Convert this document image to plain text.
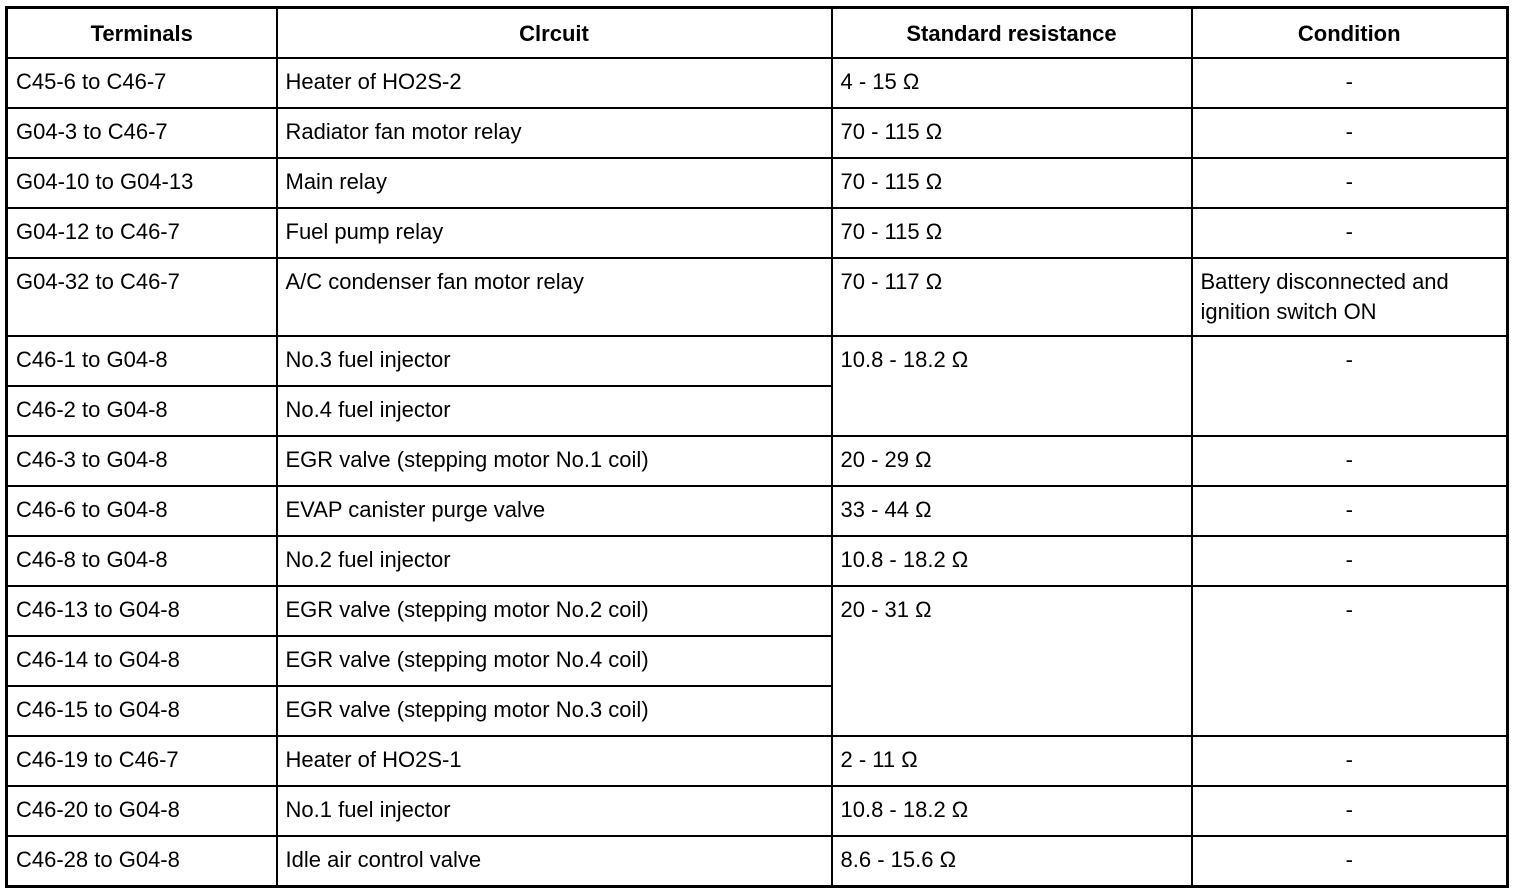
Terminals	Clrcuit	Standard resistance	Condition
C45-6 to C46-7	Heater of HO2S-2	4 - 15 Ω	-
G04-3 to C46-7	Radiator fan motor relay	70 - 115 Ω	-
G04-10 to G04-13	Main relay	70 - 115 Ω	-
G04-12 to C46-7	Fuel pump relay	70 - 115 Ω	-
G04-32 to C46-7	A/C condenser fan motor relay	70 - 117 Ω	Battery disconnected and ignition switch ON
C46-1 to G04-8	No.3 fuel injector	10.8 - 18.2 Ω	-
C46-2 to G04-8	No.4 fuel injector		
C46-3 to G04-8	EGR valve (stepping motor No.1 coil)	20 - 29 Ω	-
C46-6 to G04-8	EVAP canister purge valve	33 - 44 Ω	-
C46-8 to G04-8	No.2 fuel injector	10.8 - 18.2 Ω	-
C46-13 to G04-8	EGR valve (stepping motor No.2 coil)	20 - 31 Ω	-
C46-14 to G04-8	EGR valve (stepping motor No.4 coil)		
C46-15 to G04-8	EGR valve (stepping motor No.3 coil)		
C46-19 to C46-7	Heater of HO2S-1	2 - 11 Ω	-
C46-20 to G04-8	No.1 fuel injector	10.8 - 18.2 Ω	-
C46-28 to G04-8	Idle air control valve	8.6 - 15.6 Ω	-
